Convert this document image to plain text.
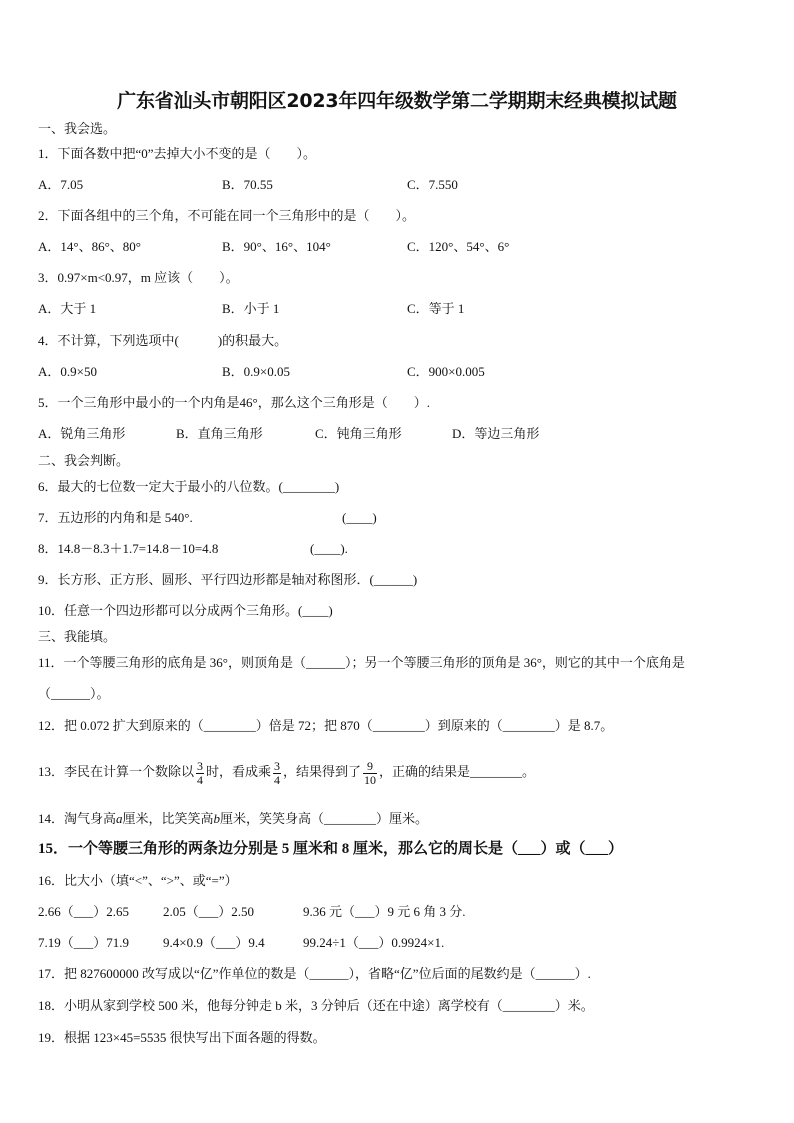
广东省汕头市朝阳区2023年四年级数学第二学期期末经典模拟试题
一、我会选。
1．下面各数中把“0”去掉大小不变的是（　　）。
A．7.05	B．70.55	C．7.550
2．下面各组中的三个角，不可能在同一个三角形中的是（　　）。
A．14°、86°、80°	B．90°、16°、104°	C．120°、54°、6°
3．0.97×m<0.97，m 应该（　　）。
A．大于 1	B．小于 1	C．等于 1
4．不计算，下列选项中(　　　)的积最大。
A．0.9×50	B．0.9×0.05	C．900×0.005
5．一个三角形中最小的一个内角是46°，那么这个三角形是（　　）.
A．锐角三角形	B．直角三角形	C．钝角三角形	D．等边三角形
二、我会判断。
6．最大的七位数一定大于最小的八位数。(________)
7．五边形的内角和是 540°.	(____)
8．14.8－8.3＋1.7=14.8－10=4.8	(____).
9．长方形、正方形、圆形、平行四边形都是轴对称图形．(______)
10．任意一个四边形都可以分成两个三角形。(____)
三、我能填。
11．一个等腰三角形的底角是 36°，则顶角是（______）；另一个等腰三角形的顶角是 36°，则它的其中一个底角是
（______）。
12．把 0.072 扩大到原来的（________）倍是 72；把 870（________）到原来的（________）是 8.7。
13．李民在计算一个数除以 $\frac{3}{4}$ 时，看成乘 $\frac{3}{4}$ ，结果得到了 $\frac{9}{10}$ ，正确的结果是________。
14．淘气身高a厘米，比笑笑高b厘米，笑笑身高（________）厘米。
15．一个等腰三角形的两条边分别是 5 厘米和 8 厘米，那么它的周长是（___）或（___）
16．比大小（填“<”、“>”、或“=”）
2.66（___）2.65	2.05（___）2.50	9.36 元（___）9 元 6 角 3 分.
7.19（___）71.9	9.4×0.9（___）9.4	99.24÷1（___）0.9924×1.
17．把 827600000 改写成以“亿”作单位的数是（______），省略“亿”位后面的尾数约是（______）.
18．小明从家到学校 500 米，他每分钟走 b 米，3 分钟后（还在中途）离学校有（________）米。
19．根据 123×45=5535 很快写出下面各题的得数。
